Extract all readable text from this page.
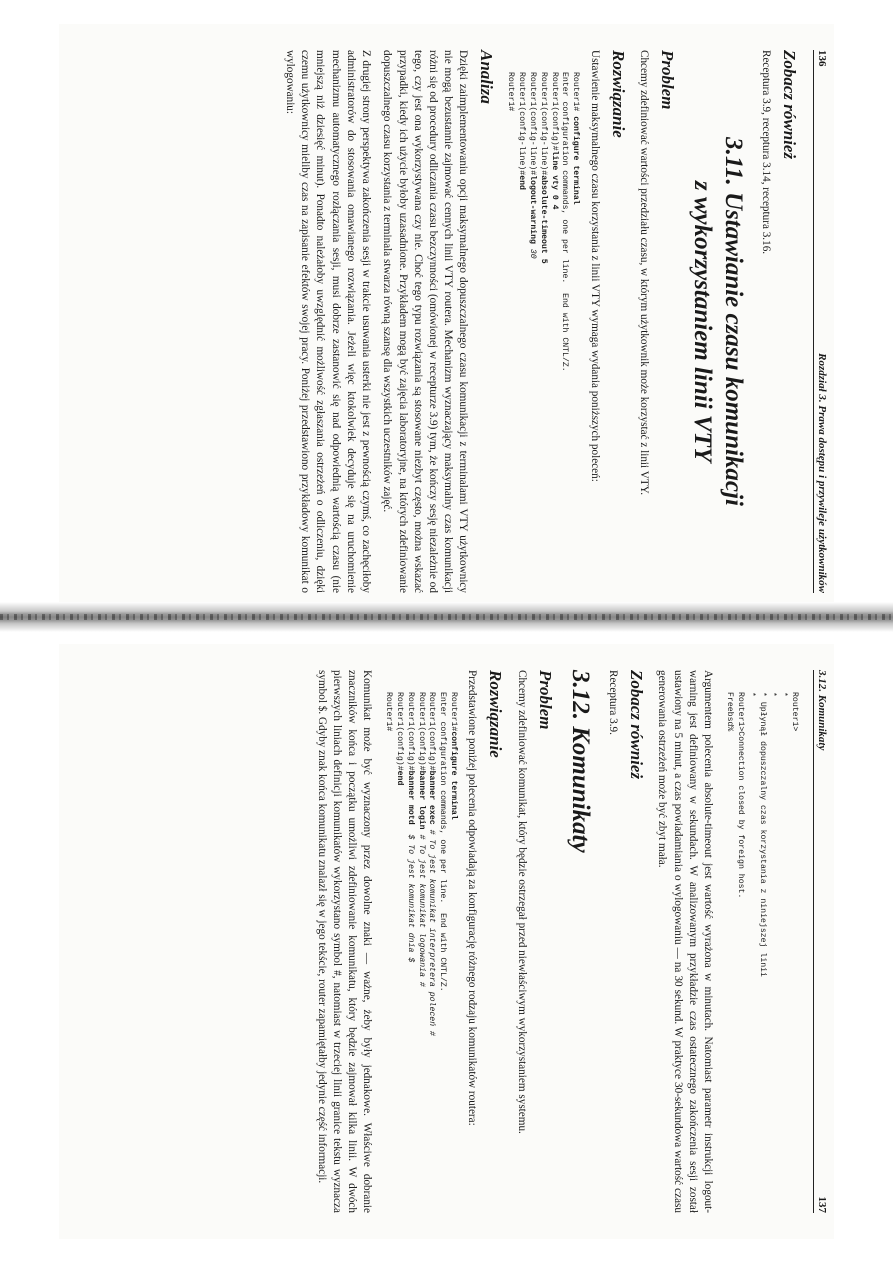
136
Rozdział 3. Prawa dostępu i przywileje użytkowników
Zobacz również

Receptura 3.9, receptura 3.14, receptura 3.16.

3.11. Ustawianie czasu komunikacji
z wykorzystaniem linii VTY
Problem

Chcemy zdefiniować wartości przedziału czasu, w którym użytkownik może korzystać z linii VTY.

Rozwiązanie

Ustawienie maksymalnego czasu korzystania z linii VTY wymaga wydania poniższych poleceń:

Router1# configure terminal
Enter configuration commands, one per line.  End with CNTL/Z.
Router1(config)#line vty 0 4
Router1(config-line)#absolute-timeout 5
Router1(config-line)#logout-warning 30
Router1(config-line)#end
Router1#
Analiza

Dzięki zaimplementowaniu opcji maksymalnego dopuszczalnego czasu komunikacji z terminalami VTY użytkownicy nie mogą bezustannie zajmować cennych linii VTY routera. Mechanizm wyznaczający maksymalny czas komunikacji różni się od procedury odliczania czasu bezczynności (omówionej w recepturze 3.9) tym, że kończy sesję niezależnie od tego, czy jest ona wykorzystywana czy nie. Choć tego typu rozwiązania są stosowane niezbyt często, można wskazać przypadki, kiedy ich użycie byłoby uzasadnione. Przykładem mogą być zajęcia laboratoryjne, na których zdefiniowanie dopuszczalnego czasu korzystania z terminala stwarza równą szansę dla wszystkich uczestników zajęć.

Z drugiej strony perspektywa zakończenia sesji w trakcie usuwania usterki nie jest z pewnością czymś, co zachęciłoby administratorów do stosowania omawianego rozwiązania. Jeżeli więc ktokolwiek decyduje się na uruchomienie mechanizmu automatycznego rozłączania sesji, musi dobrze zastanowić się nad odpowiednią wartością czasu (nie mniejszą niż dziesięć minut). Ponadto należałoby uwzględnić możliwość zgłaszania ostrzeżeń o odliczeniu, dzięki czemu użytkownicy mieliby czas na zapisanie efektów swojej pracy. Poniżej przedstawiono przykładowy komunikat o wylogowaniu:

3.12. Komunikaty
137
Router1>
*
*
* Upłynął dopuszczalny czas korzystania z niniejszej linii
*
Router1>Connection closed by foreign host.
Freebsd%

Argumentem polecenia absolute-timeout jest wartość wyrażona w minutach. Natomiast parametr instrukcji logout-warning jest definiowany w sekundach. W analizowanym przykładzie czas ostatecznego zakończenia sesji został ustawiony na 5 minut, a czas powiadamiania o wylogowaniu — na 30 sekund. W praktyce 30-sekundowa wartość czasu generowania ostrzeżeń może być zbyt mała.

Zobacz również

Receptura 3.9.

3.12. Komunikaty
Problem

Chcemy zdefiniować komunikat, który będzie ostrzegał przed niewłaściwym wykorzystaniem systemu.

Rozwiązanie

Przedstawione poniżej polecenia odpowiadają za konfigurację różnego rodzaju komunikatów routera:

Router1#configure terminal
Enter configuration commands, one per line.  End with CNTL/Z.
Router1(config)#banner exec # To jest komunikat interpretera poleceń #
Router1(config)#banner login # To jest komunikat logowania #
Router1(config)#banner motd  $ To jest komunikat dnia $
Router1(config)#end
Router1#

Komunikat może być wyznaczony przez dowolne znaki — ważne, żeby były jednakowe. Właściwe dobranie znaczników końca i początku umożliwi zdefiniowanie komunikatu, który będzie zajmował kilka linii. W dwóch pierwszych liniach definicji komunikatów wykorzystano symbol #, natomiast w trzeciej linii granice tekstu wyznacza symbol $. Gdyby znak końca komunikatu znalazł się w jego tekście, router zapamiętałby jedynie część informacji.
